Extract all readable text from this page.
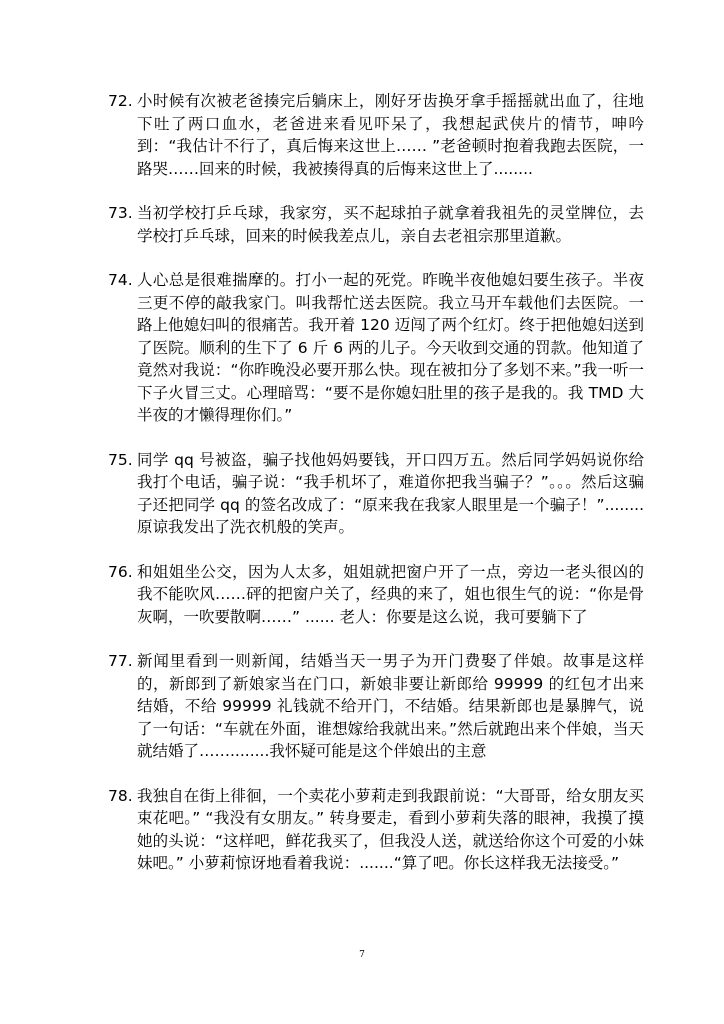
72. 小时候有次被老爸揍完后躺床上，刚好牙齿换牙拿手摇摇就出血了，往地下吐了两口血水，老爸进来看见吓呆了，我想起武侠片的情节，呻吟到：“我估计不行了，真后悔来这世上…… ”老爸顿时抱着我跑去医院，一路哭……回来的时候，我被揍得真的后悔来这世上了........
73. 当初学校打乒乓球，我家穷，买不起球拍子就拿着我祖先的灵堂牌位，去学校打乒乓球，回来的时候我差点儿，亲自去老祖宗那里道歉。
74. 人心总是很难揣摩的。打小一起的死党。昨晚半夜他媳妇要生孩子。半夜三更不停的敲我家门。叫我帮忙送去医院。我立马开车载他们去医院。一路上他媳妇叫的很痛苦。我开着 120 迈闯了两个红灯。终于把他媳妇送到了医院。顺利的生下了 6 斤 6 两的儿子。今天收到交通的罚款。他知道了竟然对我说：“你昨晚没必要开那么快。现在被扣分了多划不来。”我一听一下子火冒三丈。心理暗骂：“要不是你媳妇肚里的孩子是我的。我 TMD 大半夜的才懒得理你们。”
75. 同学 qq 号被盗，骗子找他妈妈要钱，开口四万五。然后同学妈妈说你给我打个电话，骗子说：“我手机坏了，难道你把我当骗子？”。。。然后这骗子还把同学 qq 的签名改成了：“原来我在我家人眼里是一个骗子！”........原谅我发出了洗衣机般的笑声。
76. 和姐姐坐公交，因为人太多，姐姐就把窗户开了一点，旁边一老头很凶的我不能吹风……砰的把窗户关了，经典的来了，姐也很生气的说：“你是骨灰啊，一吹要散啊……” ...... 老人：你要是这么说，我可要躺下了
77. 新闻里看到一则新闻，结婚当天一男子为开门费娶了伴娘。故事是这样的，新郎到了新娘家当在门口，新娘非要让新郎给 99999 的红包才出来结婚，不给 99999 礼钱就不给开门，不结婚。结果新郎也是暴脾气，说了一句话：“车就在外面，谁想嫁给我就出来。”然后就跑出来个伴娘，当天就结婚了……........我怀疑可能是这个伴娘出的主意
78. 我独自在街上徘徊，一个卖花小萝莉走到我跟前说：“大哥哥，给女朋友买束花吧。” “我没有女朋友。” 转身要走，看到小萝莉失落的眼神，我摸了摸她的头说：“这样吧，鲜花我买了，但我没人送，就送给你这个可爱的小妹妹吧。” 小萝莉惊讶地看着我说：.......“算了吧。你长这样我无法接受。”
7
